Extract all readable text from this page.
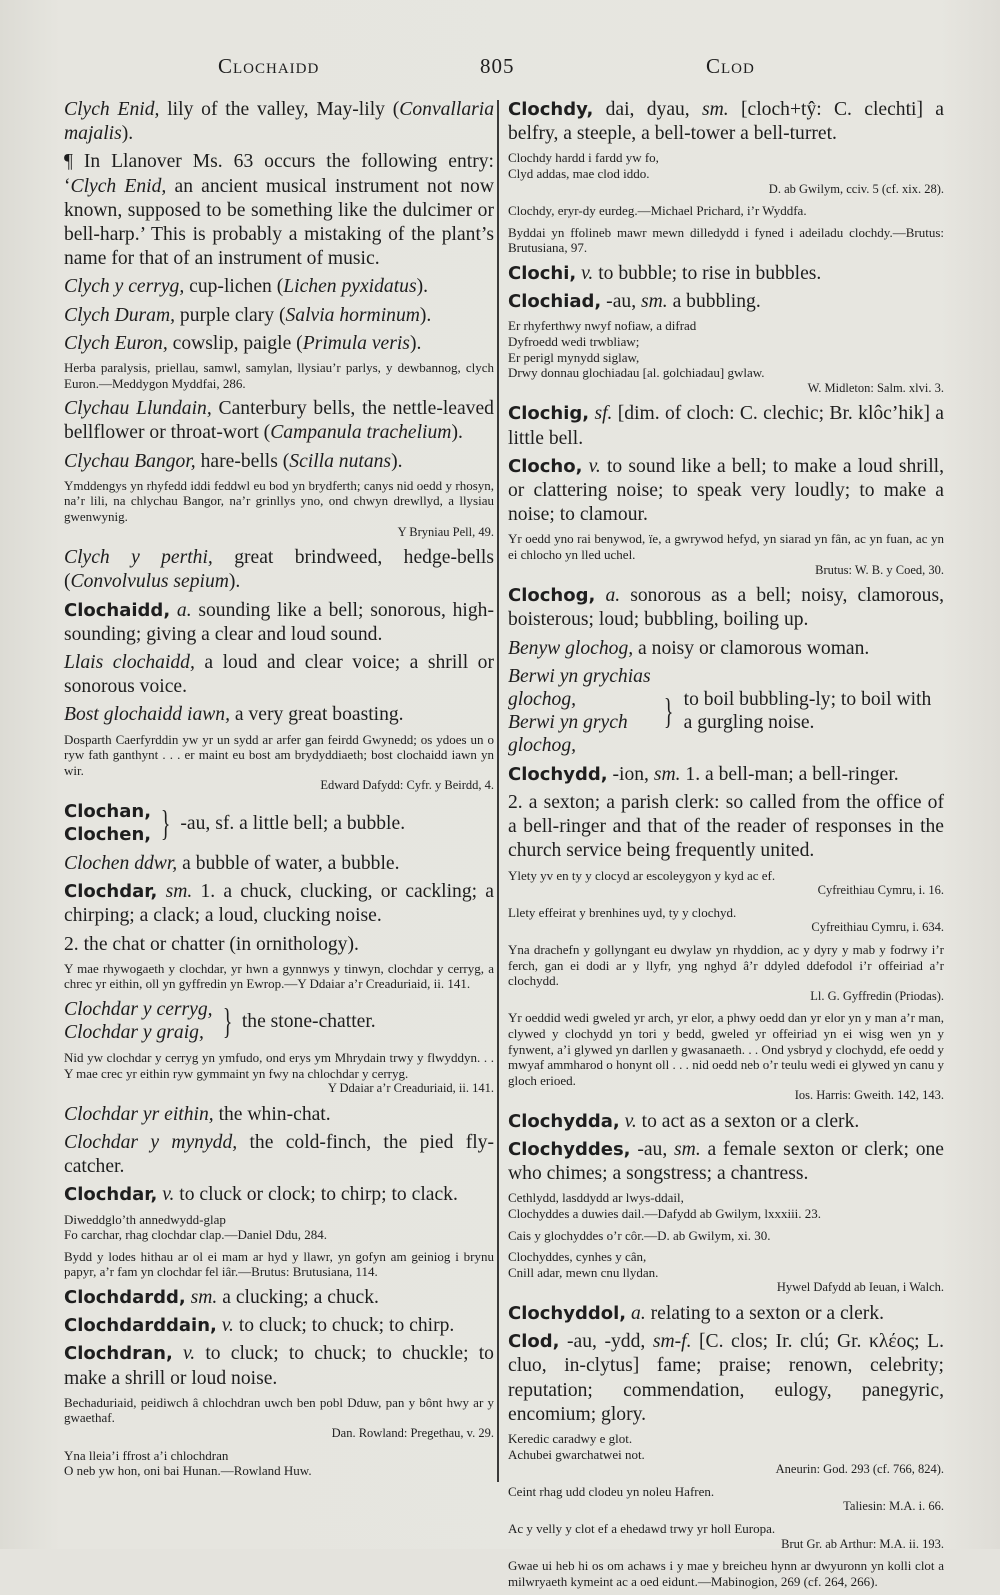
Clochaidd	805	Clod

Clych Enid, lily of the valley, May-lily (Convallaria majalis).

¶ In Llanover Ms. 63 occurs the following entry: ‘Clych Enid, an ancient musical instrument not now known, supposed to be something like the dulcimer or bell-harp.’ This is probably a mistaking of the plant’s name for that of an instrument of music.

Clych y cerryg, cup-lichen (Lichen pyxidatus).

Clych Duram, purple clary (Salvia horminum).

Clych Euron, cowslip, paigle (Primula veris).

Herba paralysis, priellau, samwl, samylan, llysiau’r parlys, y dewbannog, clych Euron.—Meddygon Myddfai, 286.

Clychau Llundain, Canterbury bells, the nettle-leaved bellflower or throat-wort (Campanula trachelium).

Clychau Bangor, hare-bells (Scilla nutans).

Ymddengys yn rhyfedd iddi feddwl eu bod yn brydferth; canys nid oedd y rhosyn, na’r lili, na chlychau Bangor, na’r grinllys yno, ond chwyn drewllyd, a llysiau gwenwynig.
Y Bryniau Pell, 49.

Clych y perthi, great brindweed, hedge-bells (Convolvulus sepium).

Clochaidd, a. sounding like a bell; sonorous, high-sounding; giving a clear and loud sound.

Llais clochaidd, a loud and clear voice; a shrill or sonorous voice.

Bost glochaidd iawn, a very great boasting.

Dosparth Caerfyrddin yw yr un sydd ar arfer gan feirdd Gwynedd; os ydoes un o ryw fath ganthynt . . . er maint eu bost am brydyddiaeth; bost clochaidd iawn yn wir.
Edward Dafydd: Cyfr. y Beirdd, 4.

Clochan,
Clochen, } -au, sf. a little bell; a bubble.

Clochen ddwr, a bubble of water, a bubble.

Clochdar, sm. 1. a chuck, clucking, or cackling; a chirping; a clack; a loud, clucking noise.

2. the chat or chatter (in ornithology).

Y mae rhywogaeth y clochdar, yr hwn a gynnwys y tinwyn, clochdar y cerryg, a chrec yr eithin, oll yn gyffredin yn Ewrop.—Y Ddaiar a’r Creaduriaid, ii. 141.

Clochdar y cerryg,
Clochdar y graig, } the stone-chatter.

Nid yw clochdar y cerryg yn ymfudo, ond erys ym Mhrydain trwy y flwyddyn. . . Y mae crec yr eithin ryw gymmaint yn fwy na chlochdar y cerryg.
Y Ddaiar a’r Creaduriaid, ii. 141.

Clochdar yr eithin, the whin-chat.

Clochdar y mynydd, the cold-finch, the pied fly-catcher.

Clochdar, v. to cluck or clock; to chirp; to clack.

Diweddglo’th annedwydd-glap
Fo carchar, rhag clochdar clap.—Daniel Ddu, 284.

Bydd y lodes hithau ar ol ei mam ar hyd y llawr, yn gofyn am geiniog i brynu papyr, a’r fam yn clochdar fel iâr.—Brutus: Brutusiana, 114.

Clochdardd, sm. a clucking; a chuck.

Clochdarddain, v. to cluck; to chuck; to chirp.

Clochdran, v. to cluck; to chuck; to chuckle; to make a shrill or loud noise.

Bechaduriaid, peidiwch â chlochdran uwch ben pobl Dduw, pan y bônt hwy ar y gwaethaf.
Dan. Rowland: Pregethau, v. 29.

Yna lleia’i ffrost a’i chlochdran
O neb yw hon, oni bai Hunan.—Rowland Huw.

Clochdy, dai, dyau, sm. [cloch+tŷ: C. clechti] a belfry, a steeple, a bell-tower a bell-turret.

Clochdy hardd i fardd yw fo,
Clyd addas, mae clod iddo.
D. ab Gwilym, cciv. 5 (cf. xix. 28).

Clochdy, eryr-dy eurdeg.—Michael Prichard, i’r Wyddfa.

Byddai yn ffolineb mawr mewn dilledydd i fyned i adeiladu clochdy.—Brutus: Brutusiana, 97.

Clochi, v. to bubble; to rise in bubbles.

Clochiad, -au, sm. a bubbling.

Er rhyferthwy nwyf nofiaw, a difrad
Dyfroedd wedi trwbliaw;
Er perigl mynydd siglaw,
Drwy donnau glochiadau [al. golchiadau] gwlaw.
W. Midleton: Salm. xlvi. 3.

Clochig, sf. [dim. of cloch: C. clechic; Br. klôc’hik] a little bell.

Clocho, v. to sound like a bell; to make a loud shrill, or clattering noise; to speak very loudly; to make a noise; to clamour.

Yr oedd yno rai benywod, ïe, a gwrywod hefyd, yn siarad yn fân, ac yn fuan, ac yn ei chlocho yn lled uchel.
Brutus: W. B. y Coed, 30.

Clochog, a. sonorous as a bell; noisy, clamorous, boisterous; loud; bubbling, boiling up.

Benyw glochog, a noisy or clamorous woman.

Berwi yn grychias glochog,
Berwi yn grych glochog,
} to boil bubbling-ly; to boil with a gurgling noise.

Clochydd, -ion, sm. 1. a bell-man; a bell-ringer.

2. a sexton; a parish clerk: so called from the office of a bell-ringer and that of the reader of responses in the church service being frequently united.

Ylety yv en ty y clocyd ar escoleygyon y kyd ac ef.
Cyfreithiau Cymru, i. 16.

Llety effeirat y brenhines uyd, ty y clochyd.
Cyfreithiau Cymru, i. 634.

Yna drachefn y gollyngant eu dwylaw yn rhyddion, ac y dyry y mab y fodrwy i’r ferch, gan ei dodi ar y llyfr, yng nghyd â’r ddyled ddefodol i’r offeiriad a’r clochydd.
Ll. G. Gyffredin (Priodas).

Yr oeddid wedi gweled yr arch, yr elor, a phwy oedd dan yr elor yn y man a’r man, clywed y clochydd yn tori y bedd, gweled yr offeiriad yn ei wisg wen yn y fynwent, a’i glywed yn darllen y gwasanaeth. . . Ond ysbryd y clochydd, efe oedd y mwyaf ammharod o honynt oll . . . nid oedd neb o’r teulu wedi ei glywed yn canu y gloch erioed.
Ios. Harris: Gweith. 142, 143.

Clochydda, v. to act as a sexton or a clerk.

Clochyddes, -au, sm. a female sexton or clerk; one who chimes; a songstress; a chantress.

Cethlydd, lasddydd ar lwys-ddail,
Clochyddes a duwies dail.—Dafydd ab Gwilym, lxxxiii. 23.

Cais y glochyddes o’r côr.—D. ab Gwilym, xi. 30.

Clochyddes, cynhes y cân,
Cnill adar, mewn cnu llydan.
Hywel Dafydd ab Ieuan, i Walch.

Clochyddol, a. relating to a sexton or a clerk.

Clod, -au, -ydd, sm-f. [C. clos; Ir. clú; Gr. κλέος; L. cluo, in-clytus] fame; praise; renown, celebrity; reputation; commendation, eulogy, panegyric, encomium; glory.

Keredic caradwy e glot.
Achubei gwarchatwei not.
Aneurin: God. 293 (cf. 766, 824).

Ceint rhag udd clodeu yn noleu Hafren.
Taliesin: M.A. i. 66.

Ac y velly y clot ef a ehedawd trwy yr holl Europa.
Brut Gr. ab Arthur: M.A. ii. 193.

Gwae ui heb hi os om achaws i y mae y breicheu hynn ar dwyuronn yn kolli clot a milwryaeth kymeint ac a oed eidunt.—Mabinogion, 269 (cf. 264, 266).
